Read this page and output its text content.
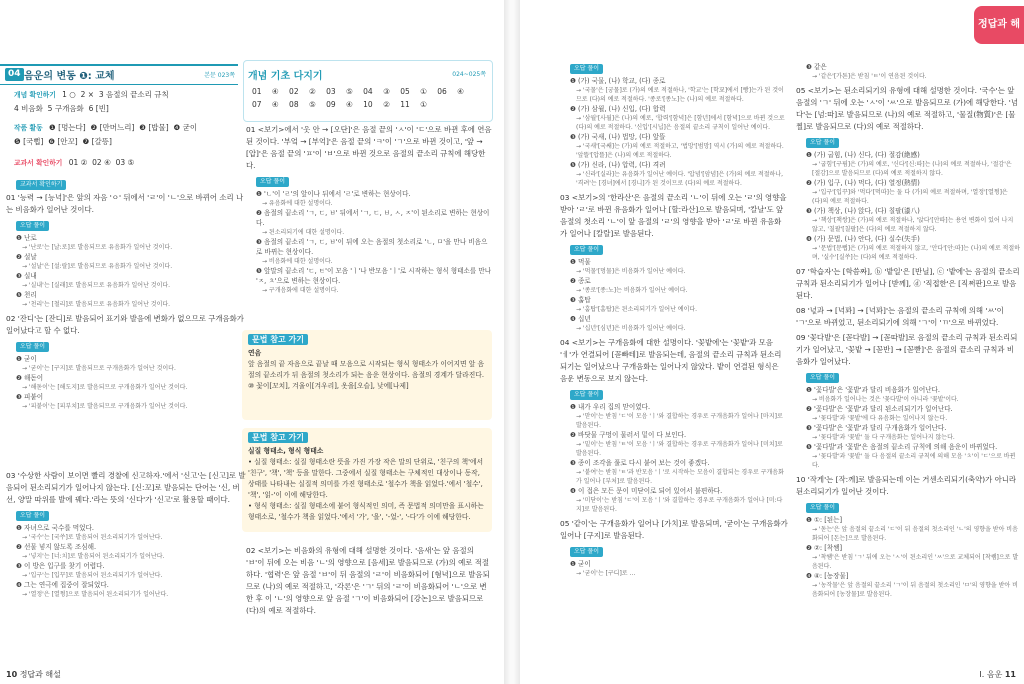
04 음운의 변동 ❶: 교체	본문 023쪽
개념 확인하기 1 ○ 2 × 3 음절의 끝소리 규칙
4 비음화 5 구개음화 6 [빈]
작품 활동 ❶ [멍는다] ❷ [만머느리] ❸ [밥물] ❹ 굳이
❺ [국뻡] ❻ [안꼬] ❼ [갈뜽]
교과서 확인하기 01 ② 02 ④ 03 ⑤
교과서 확인하기

01 '능력 → [능넉]'은 앞의 자음 'ㅇ' 뒤에서 'ㄹ'이 'ㄴ'으로 바뀌어 소리 나는 비음화가 일어난 것이다.

오답 풀이
❶ 난로
→ '난로'는 [날:로]로 발음되므로 유음화가 일어난 것이다.
❷ 설날
→ '설날'은 [설:랄]로 발음되므로 유음화가 일어난 것이다.
❸ 실내
→ '실내'는 [실래]로 발음되므로 유음화가 일어난 것이다.
❺ 천리
→ '천리'는 [철리]로 발음되므로 유음화가 일어난 것이다.

02 '잔디'는 [잔디]로 발음되어 표기와 발음에 변화가 없으므로 구개음화가 일어났다고 할 수 없다.

오답 풀이
❶ 굳이
→ '굳이'는 [구지]로 발음되므로 구개음화가 일어난 것이다.
❷ 해돋이
→ '해돋이'는 [해도지]로 발음되므로 구개음화가 일어난 것이다.
❸ 피붙이
→ '피붙이'는 [피부치]로 발음되므로 구개음화가 일어난 것이다.
개념 기초 다지기	024~025쪽
01 ④ 02 ② 03 ⑤ 04 ③ 05 ① 06 ④
07 ④ 08 ⑤ 09 ④ 10 ② 11 ①

01 <보기>에서 '옷 안 → [오단]'은 음절 끝의 'ㅅ'이 'ㄷ'으로 바뀐 후에 연음된 것이다. '부엌 → [부억]'은 음절 끝의 'ㅋ'이 'ㄱ'으로 바뀐 것이고, '앞 → [압]'은 음절 끝의 'ㅍ'이 'ㅂ'으로 바뀐 것으로 음절의 끝소리 규칙에 해당한다.

오답 풀이
❶ 'ㄴ'이 'ㄹ'의 앞이나 뒤에서 'ㄹ'로 변하는 현상이다.
→ 유음화에 대한 설명이다.
❷ 음절의 끝소리 'ㄱ, ㄷ, ㅂ' 뒤에서 'ㄱ, ㄷ, ㅂ, ㅅ, ㅈ'이 된소리로 변하는 현상이다.
→ 된소리되기에 대한 설명이다.
❸ 음절의 끝소리 'ㄱ, ㄷ, ㅂ'이 뒤에 오는 음절의 첫소리로 'ㄴ, ㅁ'을 만나 비음으로 바뀌는 현상이다.
→ 비음화에 대한 설명이다.
❺ 앞말의 끝소리 'ㄷ, ㅌ'이 모음 'ㅣ'나 반모음 'ㅣ'로 시작하는 형식 형태소를 만나 'ㅈ, ㅊ'으로 변하는 현상이다.
→ 구개음화에 대한 설명이다.
문법 참고 가기
연음
앞 음절의 끝 자음으로 끝날 때 모음으로 시작되는 형식 형태소가 이어지면 앞 음절의 끝소리가 뒤 음절의 첫소리가 되는 음운 현상이다. 음절의 경계가 달라진다.
⑩ 꽃이[꼬치], 겨울이[겨우리], 옷을[오슬], 낮에[나제]
문법 참고 가기
실질 형태소, 형식 형태소
• 실질 형태소: 실질 형태소란 뜻을 가진 가장 작은 말의 단위로, '친구의 책'에서 '친구', '책', '책' 등을 말한다. 그중에서 실질 형태소는 구체적인 대상이나 동작, 상태를 나타내는 실질적 의미를 가진 형태소로 '철수가 책을 읽었다.'에서 '철수', '책', '읽-'이 이에 해당한다.
• 형식 형태소: 실질 형태소에 붙어 형식적인 의미, 즉 문법적 의미만을 표시하는 형태소로, '철수가 책을 읽었다.'에서 '가', '을', '-었-', '-다'가 이에 해당한다.

02 <보기>는 비음화의 유형에 대해 설명한 것이다. '음새'는 앞 음절의 'ㅂ'이 뒤에 오는 비음 'ㄴ'의 영향으로 [음세]로 발음되므로 (가)의 예로 적절하다. '협력'은 앞 음절 'ㅂ'이 뒤 음절의 'ㄹ'이 비음화되어 [혐녁]으로 발음되므로 (나)의 예로 적절하고, '각론'은 'ㄱ' 뒤의 'ㄹ'이 비음화되어 'ㄴ'으로 변한 후 이 'ㄴ'의 영향으로 앞 음절 'ㄱ'이 비음화되어 [강논]으로 발음되므로 (다)의 예로 적절하다.

03 '수상한 사람이 보이면 빨리 경찰에 신고하자.'에서 '신고'는 [신고]로 발음되어 된소리되기가 일어나지 않는다. [신:꼬]로 발음되는 단어는 '신, 버선, 양말 따위를 발에 꿰다.'라는 뜻의 '신다'가 '신고'로 활용할 때이다.

오답 풀이
❶ 자녀으로 국수를 먹었다.
→ '국수'는 [국쑤]로 발음되어 된소리되기가 일어난다.
❷ 선물 넣지 않도록 조심해.
→ '넣지'는 [너:치]로 발음되어 된소리되기가 일어난다.
❸ 이 방은 입구를 찾기 어렵다.
→ '입구'는 [입꾸]로 발음되어 된소리되기가 일어난다.
❹ 그는 연극에 집중이 잘되었다.
→ '열정'은 [열쩡]으로 발음되어 된소리되기가 일어난다.
10 정답과 해설
정답과 해설
오답 풀이
❶ (가) 국물, (나) 학교, (다) 종로
→ '국물'은 [궁물]로 (가)의 예로 적절하나, '학교'는 [학꾜]에서 [빵]는가 된 것이므로 (다)의 예로 적절하다. '종로'[종노]는 (나)의 예로 적절하다.
❷ (가) 삼월, (나) 신입, (다) 합력
→ '삼월'[사월]은 (나)의 예로, '합력'[함녁]은 [함년]에서 [함녁]으로 바뀐 것으로 (다)의 예로 적절하다. '신입'[시닙]은 음절의 끝소리 규칙이 일어난 예이다.
❸ (가) 국새, (나) 법망, (다) 앞뜰
→ '국새'[국쌔]는 (가)의 예로 적절하고, '법망'[범망] 역시 (가)의 예로 적절하다. '앞뜰'[압뜰]은 (나)의 예로 적절하다.
❺ (가) 신라, (나) 압력, (다) 격려
→ '신라'[실라]는 유음화가 일어난 예이다. '압념'[암념]은 (가)의 예로 적절하나, '격려'는 [경녀]에서 [경니]가 된 것이므로 (다)의 예로 적절하다.

03 <보기>의 '한라산'은 음절의 끝소리 'ㄴ'이 뒤에 오는 'ㄹ'의 영향을 받아 'ㄹ'로 바뀐 유음화가 일어나 [할:라산]으로 발음되며, '칼날'도 앞 음절의 첫소리 'ㄴ'이 앞 음절의 'ㄹ'의 영향을 받아 'ㄹ'로 바뀐 유음화가 일어나 [칼랄]로 발음된다.

오답 풀이
❶ 먹물
→ '먹물'[멍물]은 비음화가 일어난 예이다.
❷ 종로
→ '종로'[종:노]는 비음화가 일어난 예이다.
❸ 훔탑
→ '훔탑'[훔탑]은 된소리되기가 일어난 예이다.
❹ 십년
→ '십년'[심년]은 비음화가 일어난 예이다.

04 <보기>는 구개음화에 대한 설명이다. '꽃밭에'는 '꽃밭'과 모음 'ㅔ'가 연결되어 [꼳빠테]로 발음되는데, 음절의 끝소리 규칙과 된소리되기는 일어났으나 구개음화는 일어나지 않았다. 밭이 연결된 형식은 음운 변동으로 보지 않는다.

오답 풀이
❶ 내가 우리 집의 맏이였다.
→ '맏이'는 받침 'ㄷ'이 모음 'ㅣ'와 결합하는 경우로 구개음화가 일어나 [마지]로 발음된다.
❷ 바닷물 구멍이 물러서 밑이 다 보인다.
→ '밑이'는 받침 'ㅌ'이 모음 'ㅣ'와 결합하는 경우로 구개음화가 일어나 [미치]로 발음된다.
❸ 종이 조각을 풀로 다시 붙여 보는 것이 좋겠다.
→ '붙여'는 받침 'ㅌ'과 반모음 'ㅣ'로 시작하는 모음이 결합되는 경우로 구개음화가 일어나 [부처]로 발음된다.
❹ 이 접은 모든 문이 미닫이로 되어 있어서 불편하다.
→ '미닫이'는 받침 'ㄷ'이 모음 'ㅣ'와 결합하는 경우로 구개음화가 일어나 [미:다지]로 발음된다.

05 '같이'는 구개음화가 일어나 [가치]로 발음되며, '굳이'는 구개음화가 일어나 [구지]로 발음된다.

오답 풀이
❶ 굳이
→ '굳이'는 [구디]로 ...
❸ 같은
→ '같은'[가튼]은 받침 'ㅌ'이 연음된 것이다.

05 <보기>는 된소리되기의 유형에 대해 설명한 것이다. '국수'는 앞 음절의 'ㄱ' 뒤에 오는 'ㅅ'이 'ㅆ'으로 발음되므로 (가)에 해당한다. '넘다'는 [넘:따]로 발음되므로 (나)의 예로 적절하고, '물질(物質)'은 [물찔]로 발음되므로 (다)의 예로 적절하다.

오답 풀이
❶ (가) 굽힘, (나) 신다, (다) 절감(絶感)
→ '굽힘'[구핌]은 (가)의 예로, '신다'[신:따]는 (나)의 예로 적절하나, '절감'은 [절감]으로 발음되므로 (다)의 예로 적절하지 않다.
❷ (가) 입구, (나) 먹다, (다) 열정(熱情)
→ '입구'[입꾸]와 '먹다'[먹따]는 둘 다 (가)의 예로 적절하며, '열정'[열쩡]은 (다)의 예로 적절하다.
❸ (가) 책상, (나) 앉다, (다) 칠팔(漆八)
→ '책상'[책쌍]은 (가)의 예로 적절하나, '앉다'[안따]는 용언 변화이 있어 나지 않고, '칠팔'[칠팔]은 (다)의 예로 적절하지 않다.
❹ (가) 문법, (나) 안다, (다) 실수(失手)
→ '문법'[문뻡]은 (가)의 예로 적절하지 않고, '안다'[안:따]는 (나)의 예로 적절하며, '실수'[실쑤]는 (다)의 예로 적절하다.

07 '학습자'는 [학씀짜], ⓑ '밭일'은 [반닐], ⓒ '밭에'는 음절의 끝소리 규칙과 된소리되기가 일어나 [받께], ⓓ '직접한'은 [직쩌판]으로 발음된다.

08 '넋과 → [넉꽈] → [넉꽈]'는 음절의 끝소리 규칙에 의해 'ㅆ'이 'ㄱ'으로 바뀌었고, 된소리되기에 의해 'ㄱ'이 'ㄲ'으로 바뀌었다.

09 '꽃다발'은 [꼳다발] → [꼳따발]로 음절의 끝소리 규칙과 된소리되기가 일어났고, '꽃밭 → [꼳반] → [꼳빧]'은 음절의 끝소리 규칙과 비음화가 일어났다.

오답 풀이
❶ '꽃다발'은 '꽃밭'과 달리 비음화가 일어난다.
→ 비음화가 일어나는 것은 '꽃다발'이 아니라 '꽃밭'이다.
❷ '꽃다발'은 '꽃밭'과 달리 된소리되기가 일어난다.
→ '꽃다발'과 '꽃밭'에 다 유음화는 일어나지 않는다.
❸ '꽃다발'은 '꽃밭'과 달리 구개음화가 일어난다.
→ '꽃다발'과 '꽃밭' 둘 다 구개음화는 일어나지 않는다.
❺ '꽃다발'과 '꽃밭'은 음절의 끝소리 규칙에 의해 음운이 바뀌었다.
→ '꽃다발'과 '꽃밭' 둘 다 음절의 끝소리 규칙에 의해 모음 'ㅊ'이 'ㄷ'으로 바뀐다.

10 '작게'는 [작:께]로 발음되는데 이는 거센소리되기(축약)가 아니라 된소리되기가 일어난 것이다.

오답 풀이
❶ ①: [된는]
→ '돋는'은 앞 음절의 끝소리 'ㄷ'이 뒤 음절의 첫소리인 'ㄴ'의 영향을 받아 비음화되어 [돈는]으로 발음된다.
❷ ②: [착쌤]
→ '착쌤'은 받침 'ㄱ' 뒤에 오는 'ㅅ'이 된소리인 'ㅆ'으로 교체되어 [착쌤]으로 발음된다.
❹ ④: [농장물]
→ '농작물'은 앞 음절의 끝소리 'ㄱ'이 뒤 음절의 첫소리인 'ㅁ'의 영향을 받아 비음화되어 [농장물]로 발음된다.
I. 음운 11
